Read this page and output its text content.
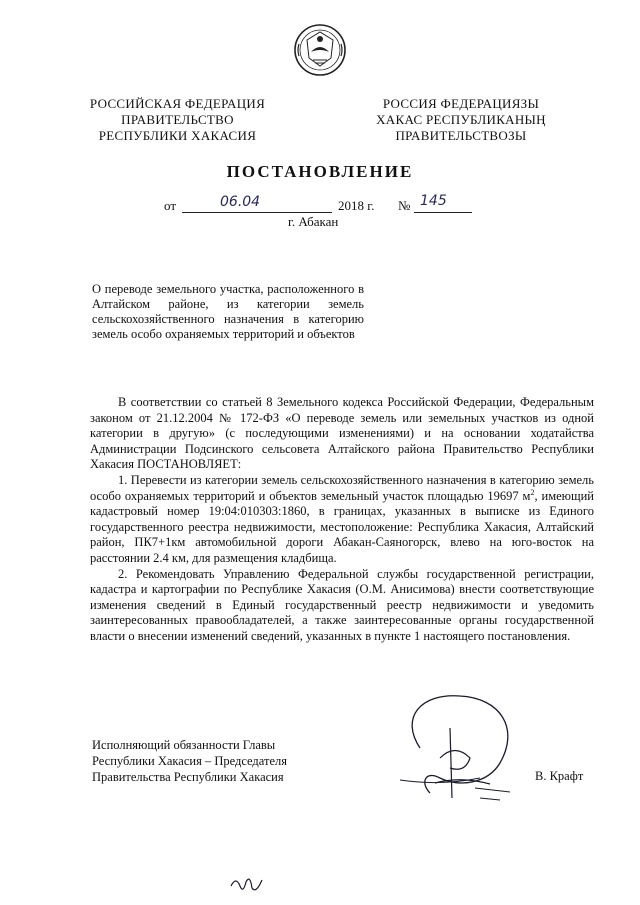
РОССИЙСКАЯ ФЕДЕРАЦИЯ
ПРАВИТЕЛЬСТВО
РЕСПУБЛИКИ ХАКАСИЯ
РОССИЯ ФЕДЕРАЦИЯЗЫ
ХАКАС РЕСПУБЛИКАНЫҢ
ПРАВИТЕЛЬСТВОЗЫ
ПОСТАНОВЛЕНИЕ
от	06.04	2018 г. № 145
г. Абакан
О переводе земельного участка, расположенного в Алтайском районе, из категории земель сельскохозяйственного назначения в категорию земель особо охраняемых территорий и объектов

В соответствии со статьей 8 Земельного кодекса Российской Федерации, Федеральным законом от 21.12.2004 № 172-ФЗ «О переводе земель или земельных участков из одной категории в другую» (с последующими изменениями) и на основании ходатайства Администрации Подсинского сельсовета Алтайского района Правительство Республики Хакасия ПОСТАНОВЛЯЕТ:

1. Перевести из категории земель сельскохозяйственного назначения в категорию земель особо охраняемых территорий и объектов земельный участок площадью 19697 $м^2$, имеющий кадастровый номер 19:04:010303:1860, в границах, указанных в выписке из Единого государственного реестра недвижимости, местоположение: Республика Хакасия, Алтайский район, ПК7+1км автомобильной дороги Абакан-Саяногорск, влево на юго-восток на расстоянии 2.4 км, для размещения кладбища.

2. Рекомендовать Управлению Федеральной службы государственной регистрации, кадастра и картографии по Республике Хакасия (О.М. Анисимова) внести соответствующие изменения сведений в Единый государственный реестр недвижимости и уведомить заинтересованных правообладателей, а также заинтересованные органы государственной власти о внесении изменений сведений, указанных в пункте 1 настоящего постановления.

Исполняющий обязанности Главы
Республики Хакасия – Председателя
Правительства Республики Хакасия	В. Крафт
